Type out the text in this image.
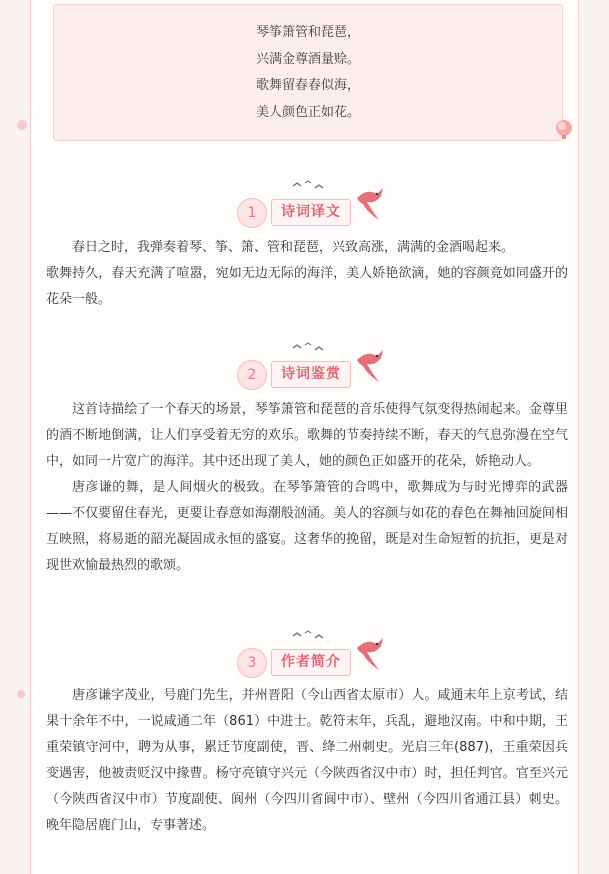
琴筝箫管和琵琶，
兴满金尊酒量赊。
歌舞留春春似海，
美人颜色正如花。
1	诗词译文

春日之时，我弹奏着琴、筝、箫、管和琵琶，兴致高涨，满满的金酒喝起来。

歌舞持久，春天充满了喧嚣，宛如无边无际的海洋，美人娇艳欲滴，她的容颜竟如同盛开的花朵一般。

2	诗词鉴赏

这首诗描绘了一个春天的场景，琴筝箫管和琵琶的音乐使得气氛变得热闹起来。金尊里的酒不断地倒满，让人们享受着无穷的欢乐。歌舞的节奏持续不断，春天的气息弥漫在空气中，如同一片宽广的海洋。其中还出现了美人，她的颜色正如盛开的花朵，娇艳动人。

唐彦谦的舞，是人间烟火的极致。在琴筝箫管的合鸣中，歌舞成为与时光博弈的武器——不仅要留住春光，更要让春意如海潮般汹涌。美人的容颜与如花的春色在舞袖回旋间相互映照，将易逝的韶光凝固成永恒的盛宴。这奢华的挽留，既是对生命短暂的抗拒，更是对现世欢愉最热烈的歌颂。

3	作者简介

唐彦谦字茂业，号鹿门先生，并州晋阳（今山西省太原市）人。咸通末年上京考试，结果十余年不中，一说咸通二年（861）中进士。乾符末年，兵乱，避地汉南。中和中期，王重荣镇守河中，聘为从事，累迁节度副使，晋、绛二州刺史。光启三年(887)，王重荣因兵变遇害，他被责贬汉中掾曹。杨守亮镇守兴元（今陕西省汉中市）时，担任判官。官至兴元（今陕西省汉中市）节度副使、阆州（今四川省阆中市）、壁州（今四川省通江县）刺史。晚年隐居鹿门山，专事著述。
